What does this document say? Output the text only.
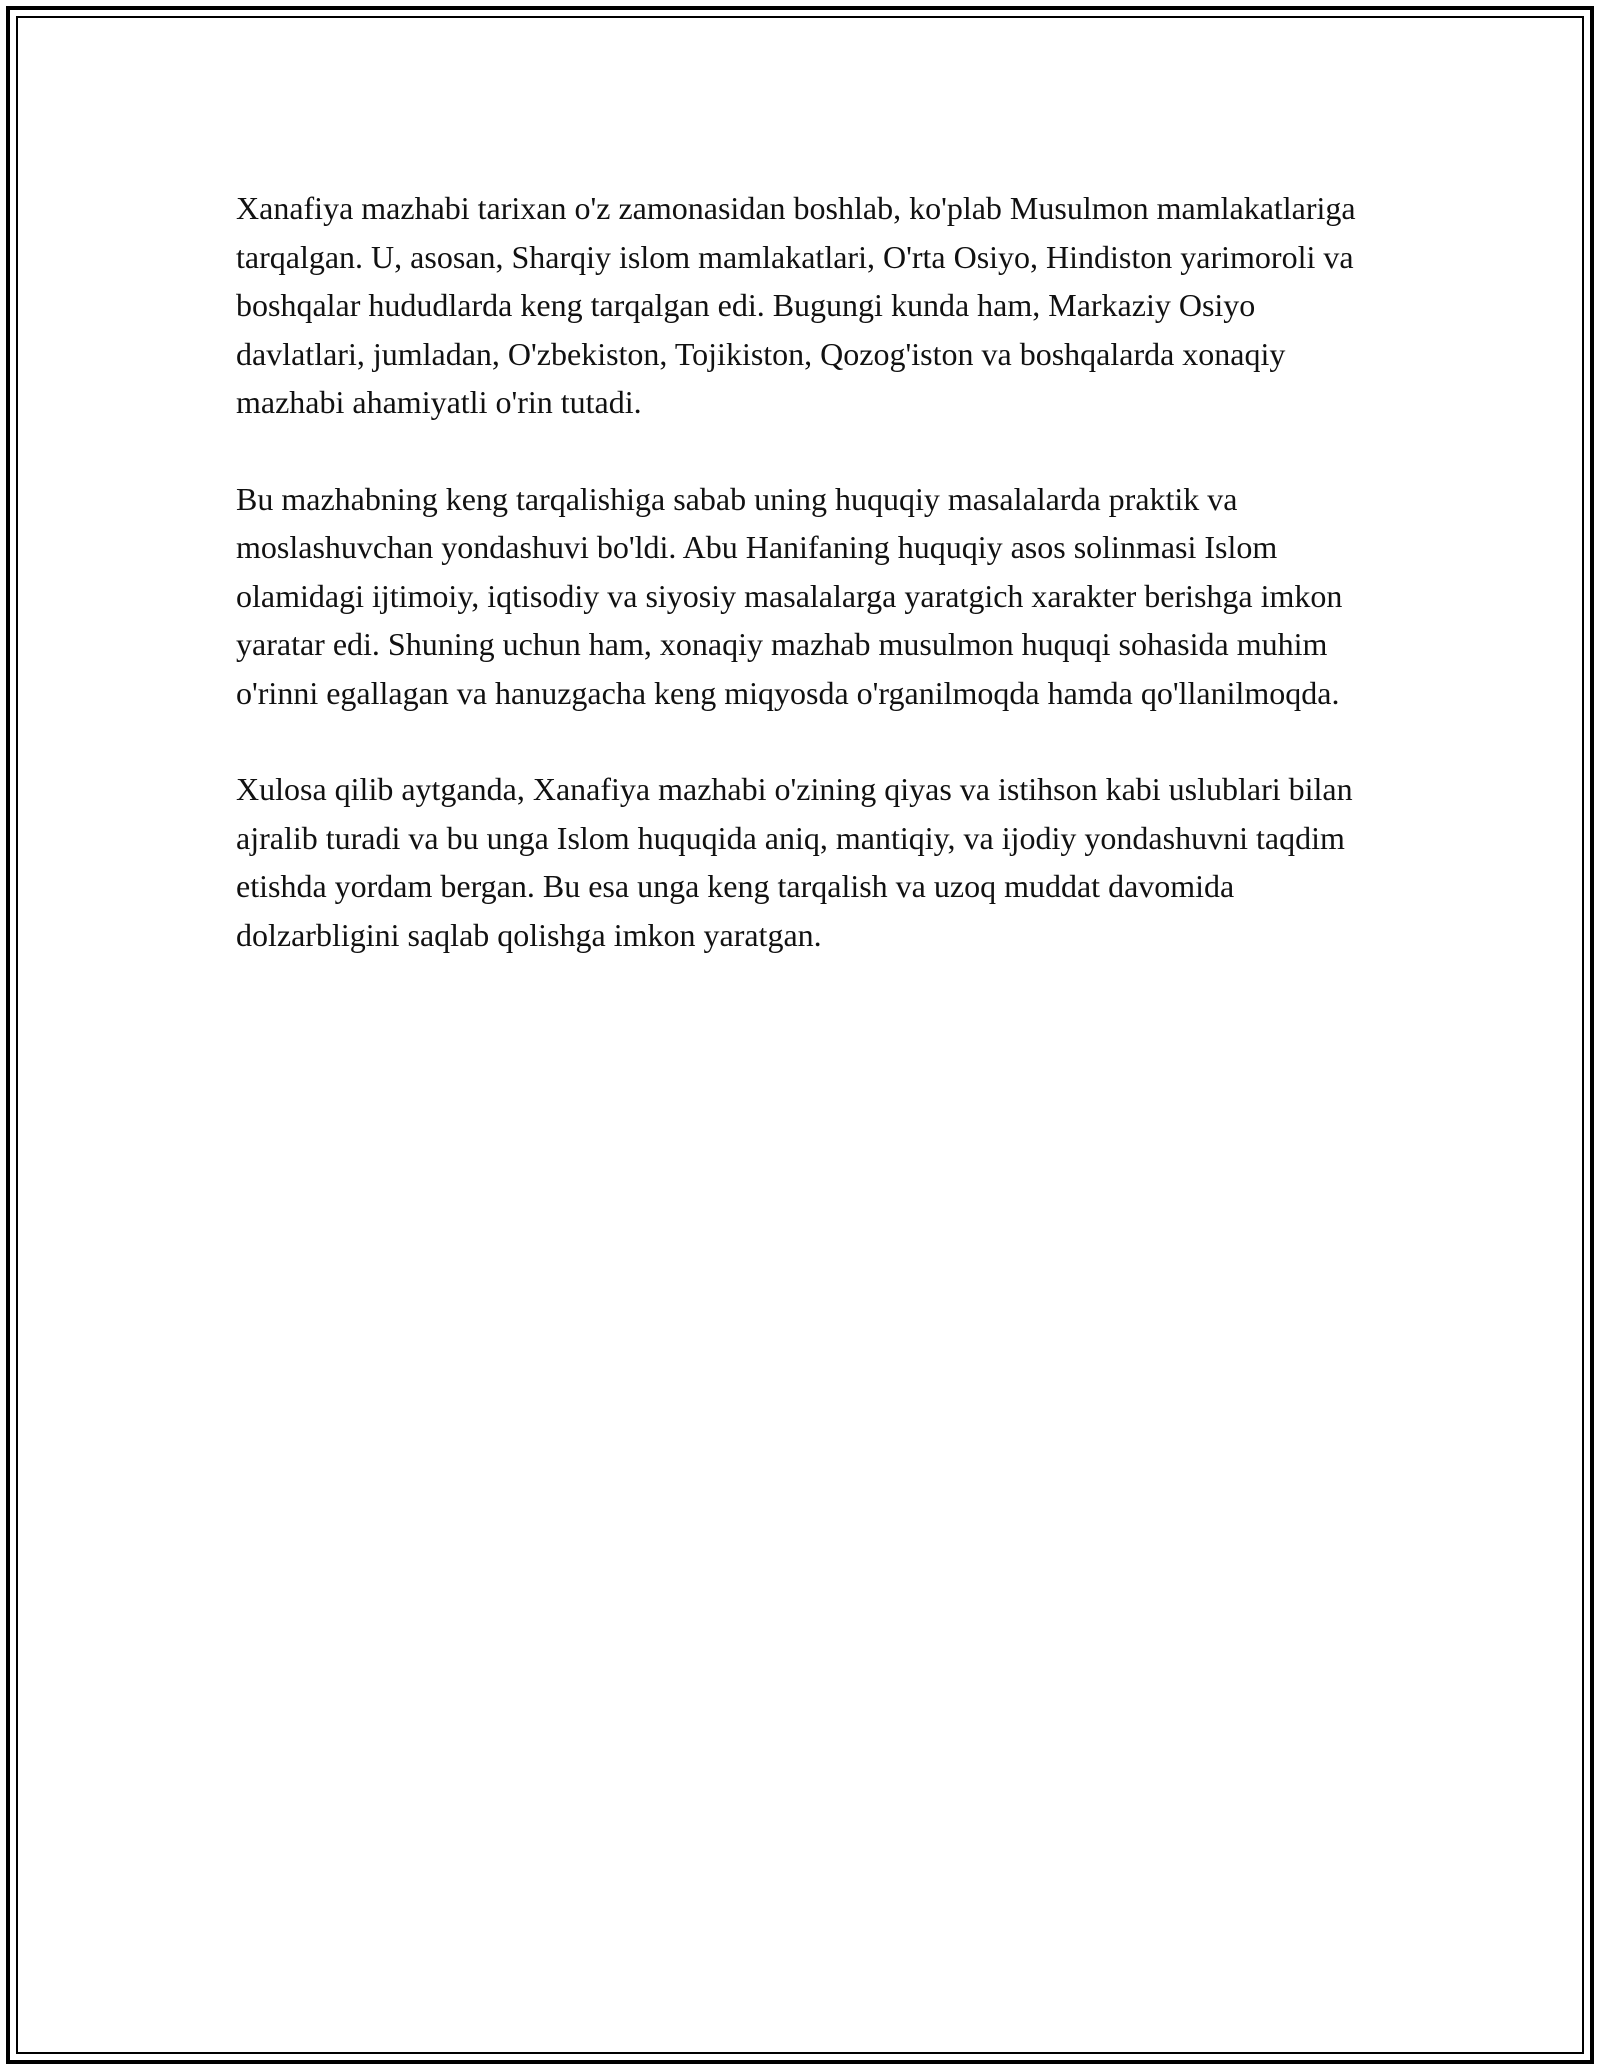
Xanafiya mazhabi tarixan o'z zamonasidan boshlab, ko'plab Musulmon mamlakatlariga tarqalgan. U, asosan, Sharqiy islom mamlakatlari, O'rta Osiyo, Hindiston yarimoroli va boshqalar hududlarda keng tarqalgan edi. Bugungi kunda ham, Markaziy Osiyo davlatlari, jumladan, O'zbekiston, Tojikiston, Qozog'iston va boshqalarda xonaqiy mazhabi ahamiyatli o'rin tutadi.

Bu mazhabning keng tarqalishiga sabab uning huquqiy masalalarda praktik va moslashuvchan yondashuvi bo'ldi. Abu Hanifaning huquqiy asos solinmasi Islom olamidagi ijtimoiy, iqtisodiy va siyosiy masalalarga yaratgich xarakter berishga imkon yaratar edi. Shuning uchun ham, xonaqiy mazhab musulmon huquqi sohasida muhim o'rinni egallagan va hanuzgacha keng miqyosda o'rganilmoqda hamda qo'llanilmoqda.

Xulosa qilib aytganda, Xanafiya mazhabi o'zining qiyas va istihson kabi uslublari bilan ajralib turadi va bu unga Islom huquqida aniq, mantiqiy, va ijodiy yondashuvni taqdim etishda yordam bergan. Bu esa unga keng tarqalish va uzoq muddat davomida dolzarbligini saqlab qolishga imkon yaratgan.
